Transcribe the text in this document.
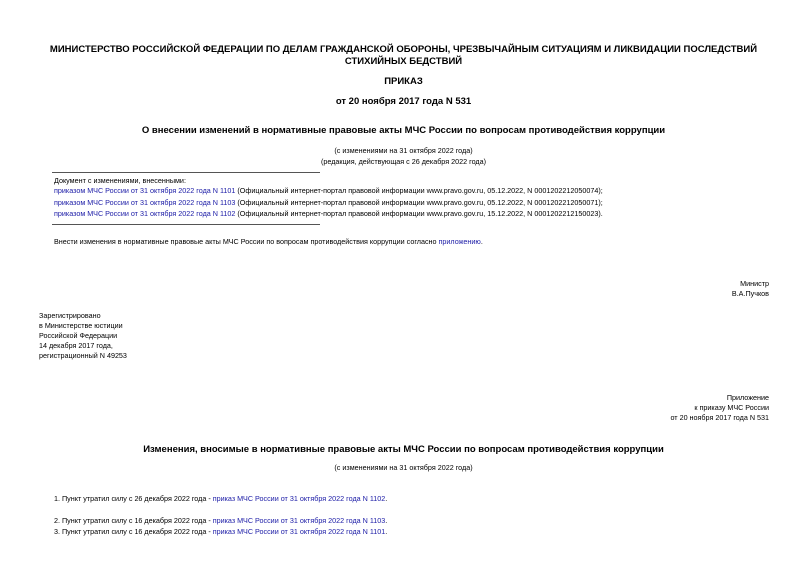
МИНИСТЕРСТВО РОССИЙСКОЙ ФЕДЕРАЦИИ ПО ДЕЛАМ ГРАЖДАНСКОЙ ОБОРОНЫ, ЧРЕЗВЫЧАЙНЫМ СИТУАЦИЯМ И ЛИКВИДАЦИИ ПОСЛЕДСТВИЙ СТИХИЙНЫХ БЕДСТВИЙ
ПРИКАЗ
от 20 ноября 2017 года N 531
О внесении изменений в нормативные правовые акты МЧС России по вопросам противодействия коррупции
(с изменениями на 31 октября 2022 года)
(редакция, действующая с 26 декабря 2022 года)
Документ с изменениями, внесенными:
приказом МЧС России от 31 октября 2022 года N 1101 (Официальный интернет-портал правовой информации www.pravo.gov.ru, 05.12.2022, N 0001202212050074);
приказом МЧС России от 31 октября 2022 года N 1103 (Официальный интернет-портал правовой информации www.pravo.gov.ru, 05.12.2022, N 0001202212050071);
приказом МЧС России от 31 октября 2022 года N 1102 (Официальный интернет-портал правовой информации www.pravo.gov.ru, 15.12.2022, N 0001202212150023).
Внести изменения в нормативные правовые акты МЧС России по вопросам противодействия коррупции согласно приложению.
Министр
В.А.Пучков
Зарегистрировано
в Министерстве юстиции
Российской Федерации
14 декабря 2017 года,
регистрационный N 49253
Приложение
к приказу МЧС России
от 20 ноября 2017 года N 531
Изменения, вносимые в нормативные правовые акты МЧС России по вопросам противодействия коррупции
(с изменениями на 31 октября 2022 года)
1. Пункт утратил силу с 26 декабря 2022 года - приказ МЧС России от 31 октября 2022 года N 1102.
2. Пункт утратил силу с 16 декабря 2022 года - приказ МЧС России от 31 октября 2022 года N 1103.
3. Пункт утратил силу с 16 декабря 2022 года - приказ МЧС России от 31 октября 2022 года N 1101.
